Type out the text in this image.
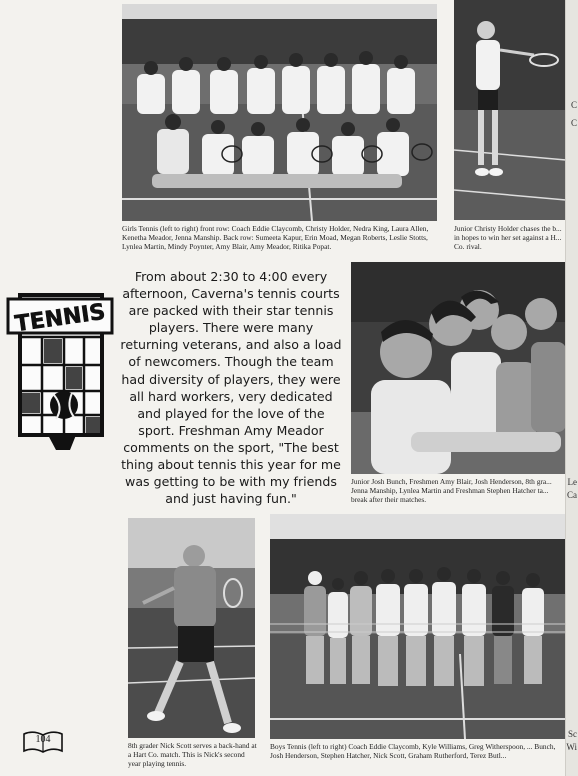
Girls Tennis (left to right) front row: Coach Eddie Claycomb, Christy Holder, Nedra King, Laura Allen, Kenetha Meador, Jenna Manship. Back row: Sumeeta Kapur, Erin Moad, Megan Roberts, Leslie Stotts, Lynlea Martin, Mindy Poynter, Amy Blair, Amy Meador, Ritika Popat.
Junior Christy Holder chases the b... in hopes to win her set against a H... Co. rival.
TENNIS
From about 2:30 to 4:00 every afternoon, Caverna's tennis courts are packed with their star tennis players. There were many returning veterans, and also a load of newcomers. Though the team had diversity of players, they were all hard workers, very dedicated and played for the love of the sport. Freshman Amy Meador comments on the sport, "The best thing about tennis this year for me was getting to be with my friends and just having fun."
Junior Josh Bunch, Freshmen Amy Blair, Josh Henderson, 8th gra... Jenna Manship, Lynlea Martin and Freshman Stephen Hatcher ta... break after their matches.
8th grader Nick Scott serves a back-hand at a Hart Co. match. This is Nick's second year playing tennis.
Boys Tennis (left to right) Coach Eddie Claycomb, Kyle Williams, Greg Witherspoon, ... Bunch, Josh Henderson, Stephen Hatcher, Nick Scott, Graham Rutherford, Terez Butl...
C
C
Le
Ca
Sc
Wi
104
